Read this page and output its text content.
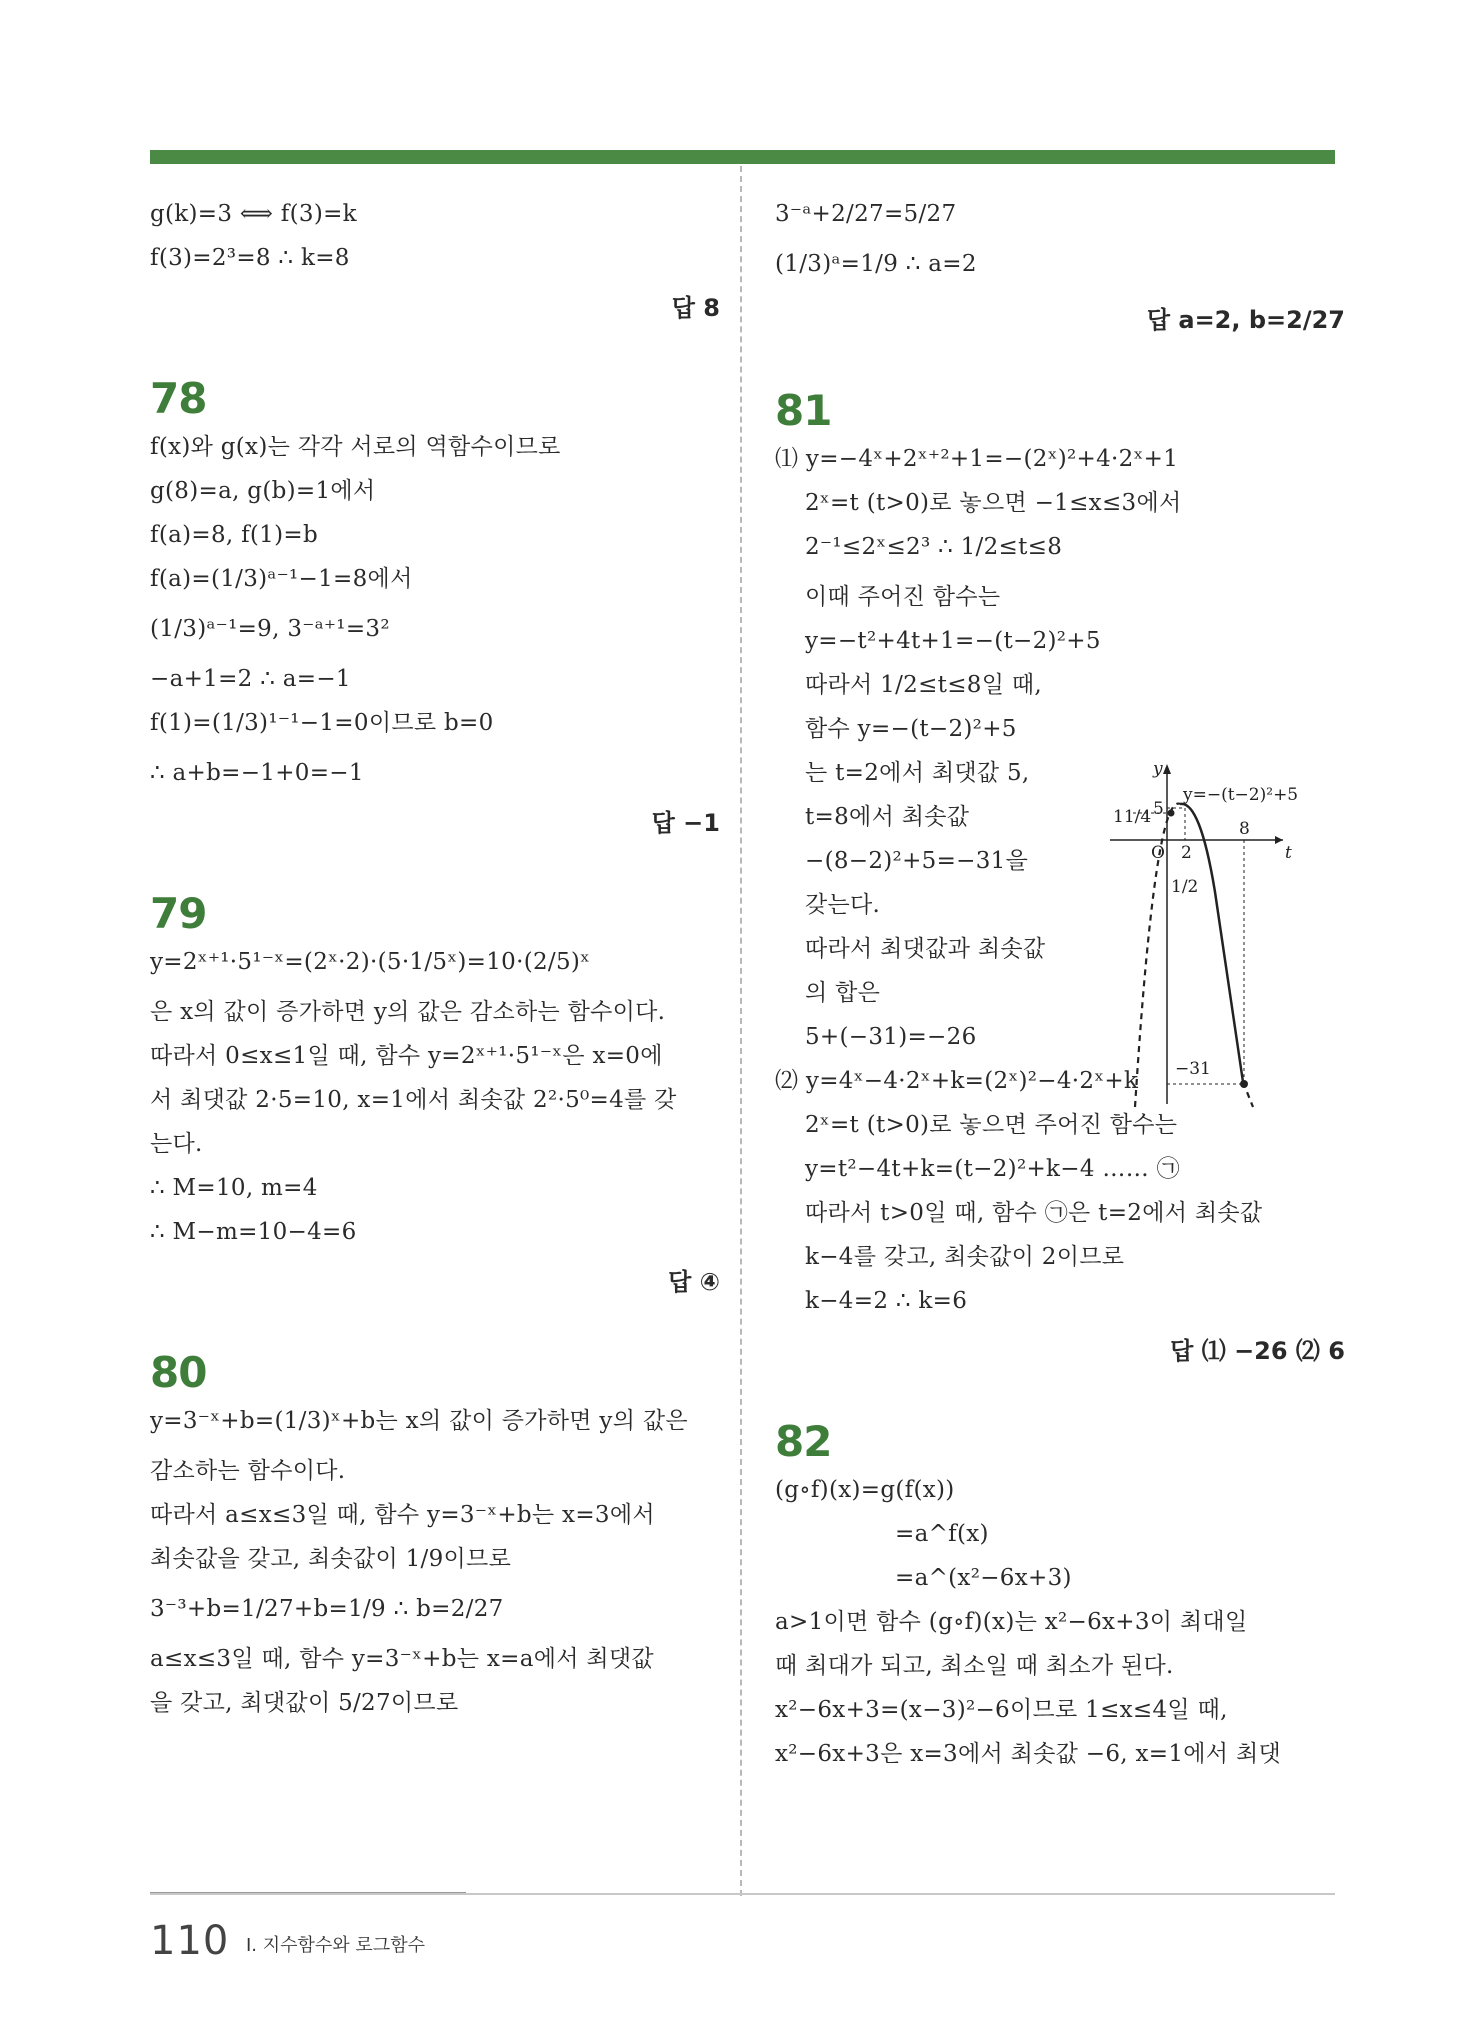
g(k)=3 ⟺ f(3)=k

f(3)=2³=8 ∴ k=8

답 8

78

f(x)와 g(x)는 각각 서로의 역함수이므로

g(8)=a, g(b)=1에서

f(a)=8, f(1)=b

f(a)=(1/3)ᵃ⁻¹−1=8에서

(1/3)ᵃ⁻¹=9, 3⁻ᵃ⁺¹=3²

−a+1=2 ∴ a=−1

f(1)=(1/3)¹⁻¹−1=0이므로 b=0

∴ a+b=−1+0=−1

답 −1

79

y=2ˣ⁺¹·5¹⁻ˣ=(2ˣ·2)·(5·1/5ˣ)=10·(2/5)ˣ

은 x의 값이 증가하면 y의 값은 감소하는 함수이다.

따라서 0≤x≤1일 때, 함수 y=2ˣ⁺¹·5¹⁻ˣ은 x=0에

서 최댓값 2·5=10, x=1에서 최솟값 2²·5⁰=4를 갖

는다.

∴ M=10, m=4

∴ M−m=10−4=6

답 ④

80

y=3⁻ˣ+b=(1/3)ˣ+b는 x의 값이 증가하면 y의 값은

감소하는 함수이다.

따라서 a≤x≤3일 때, 함수 y=3⁻ˣ+b는 x=3에서

최솟값을 갖고, 최솟값이 1/9이므로

3⁻³+b=1/27+b=1/9 ∴ b=2/27

a≤x≤3일 때, 함수 y=3⁻ˣ+b는 x=a에서 최댓값

을 갖고, 최댓값이 5/27이므로

3⁻ᵃ+2/27=5/27

(1/3)ᵃ=1/9 ∴ a=2

답 a=2, b=2/27

81

⑴ y=−4ˣ+2ˣ⁺²+1=−(2ˣ)²+4·2ˣ+1

2ˣ=t (t>0)로 놓으면 −1≤x≤3에서

2⁻¹≤2ˣ≤2³ ∴ 1/2≤t≤8

이때 주어진 함수는

y=−t²+4t+1=−(t−2)²+5

따라서 1/2≤t≤8일 때,

함수 y=−(t−2)²+5

는 t=2에서 최댓값 5,

t=8에서 최솟값

−(8−2)²+5=−31을

갖는다.

따라서 최댓값과 최솟값

의 합은

5+(−31)=−26

⑵ y=4ˣ−4·2ˣ+k=(2ˣ)²−4·2ˣ+k

2ˣ=t (t>0)로 놓으면 주어진 함수는

y=t²−4t+k=(t−2)²+k−4 …… ㉠

따라서 t>0일 때, 함수 ㉠은 t=2에서 최솟값

k−4를 갖고, 최솟값이 2이므로

k−4=2 ∴ k=6

답 ⑴ −26 ⑵ 6

82

(g∘f)(x)=g(f(x))

=a^f(x)

=a^(x²−6x+3)

a>1이면 함수 (g∘f)(x)는 x²−6x+3이 최대일

때 최대가 되고, 최소일 때 최소가 된다.

x²−6x+3=(x−3)²−6이므로 1≤x≤4일 때,

x²−6x+3은 x=3에서 최솟값 −6, x=1에서 최댓

y
t
O
y=−(t−2)²+5
5
11/4
8
2
1/2
−31
110 Ⅰ. 지수함수와 로그함수
